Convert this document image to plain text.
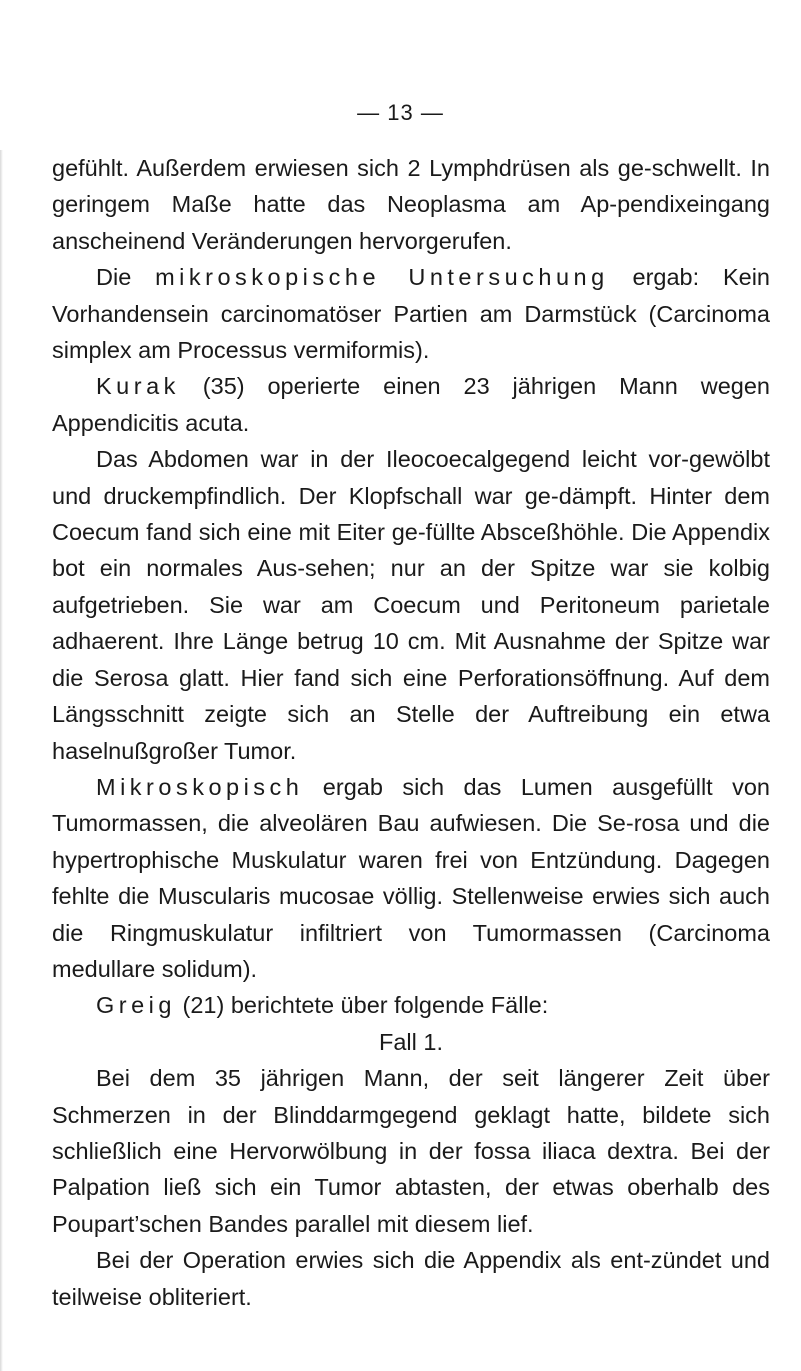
— 13 —

gefühlt. Außerdem erwiesen sich 2 Lymphdrüsen als ge-schwellt. In geringem Maße hatte das Neoplasma am Ap-pendixeingang anscheinend Veränderungen hervorgerufen.

Die mikroskopische Untersuchung ergab: Kein Vorhandensein carcinomatöser Partien am Darmstück (Carcinoma simplex am Processus vermiformis).

Kurak (35) operierte einen 23 jährigen Mann wegen Appendicitis acuta.

Das Abdomen war in der Ileocoecalgegend leicht vor-gewölbt und druckempfindlich. Der Klopfschall war ge-dämpft. Hinter dem Coecum fand sich eine mit Eiter ge-füllte Absceßhöhle. Die Appendix bot ein normales Aus-sehen; nur an der Spitze war sie kolbig aufgetrieben. Sie war am Coecum und Peritoneum parietale adhaerent. Ihre Länge betrug 10 cm. Mit Ausnahme der Spitze war die Serosa glatt. Hier fand sich eine Perforationsöffnung. Auf dem Längsschnitt zeigte sich an Stelle der Auftreibung ein etwa haselnußgroßer Tumor.

Mikroskopisch ergab sich das Lumen ausgefüllt von Tumormassen, die alveolären Bau aufwiesen. Die Se-rosa und die hypertrophische Muskulatur waren frei von Entzündung. Dagegen fehlte die Muscularis mucosae völlig. Stellenweise erwies sich auch die Ringmuskulatur infiltriert von Tumormassen (Carcinoma medullare solidum).

Greig (21) berichtete über folgende Fälle:

Fall 1.

Bei dem 35 jährigen Mann, der seit längerer Zeit über Schmerzen in der Blinddarmgegend geklagt hatte, bildete sich schließlich eine Hervorwölbung in der fossa iliaca dextra. Bei der Palpation ließ sich ein Tumor abtasten, der etwas oberhalb des Poupart’schen Bandes parallel mit diesem lief.

Bei der Operation erwies sich die Appendix als ent-zündet und teilweise obliteriert.
